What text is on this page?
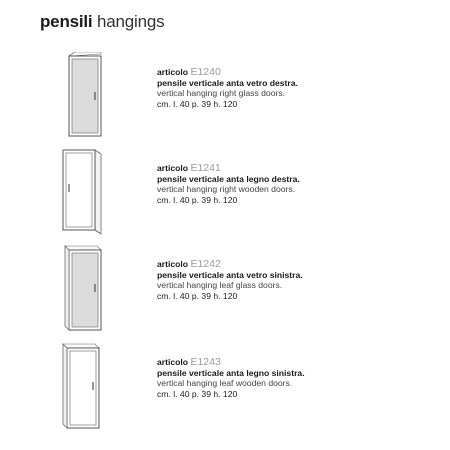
pensili hangings
articolo E1240
pensile verticale anta vetro destra.
vertical hanging right glass doors.
cm. l. 40 p. 39 h. 120
articolo E1241
pensile verticale anta legno destra.
vertical hanging right wooden doors.
cm. l. 40 p. 39 h. 120
articolo E1242
pensile verticale anta vetro sinistra.
vertical hanging leaf glass doors.
cm. l. 40 p. 39 h. 120
articolo E1243
pensile verticale anta legno sinistra.
vertical hanging leaf wooden doors.
cm. l. 40 p. 39 h. 120
